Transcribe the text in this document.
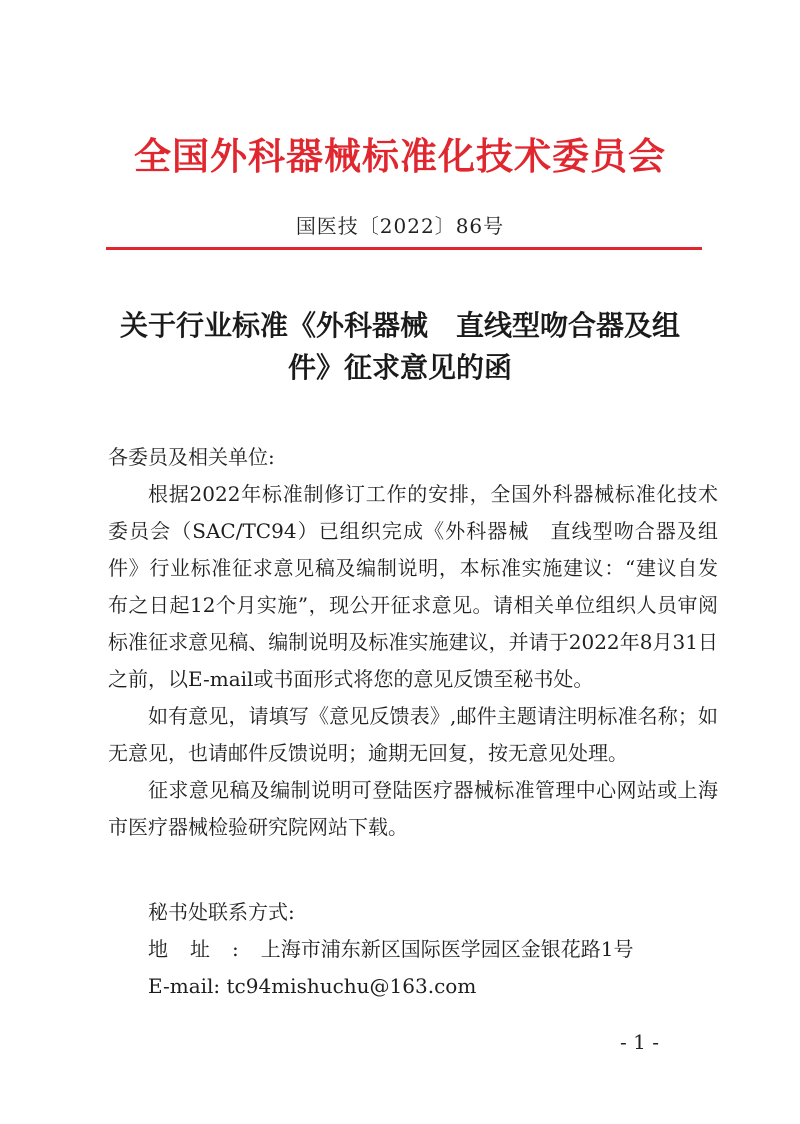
全国外科器械标准化技术委员会
国医技〔2022〕86号
关于行业标准《外科器械　直线型吻合器及组
件》征求意见的函

各委员及相关单位:

根据2022年标准制修订工作的安排，全国外科器械标准化技术委员会（SAC/TC94）已组织完成《外科器械　直线型吻合器及组件》行业标准征求意见稿及编制说明，本标准实施建议：“建议自发布之日起12个月实施”，现公开征求意见。请相关单位组织人员审阅标准征求意见稿、编制说明及标准实施建议，并请于2022年8月31日之前，以E-mail或书面形式将您的意见反馈至秘书处。

如有意见，请填写《意见反馈表》,邮件主题请注明标准名称；如无意见，也请邮件反馈说明；逾期无回复，按无意见处理。

征求意见稿及编制说明可登陆医疗器械标准管理中心网站或上海市医疗器械检验研究院网站下载。

秘书处联系方式:
地址:上海市浦东新区国际医学园区金银花路1号
E-mail: tc94mishuchu@163.com
- 1 -
